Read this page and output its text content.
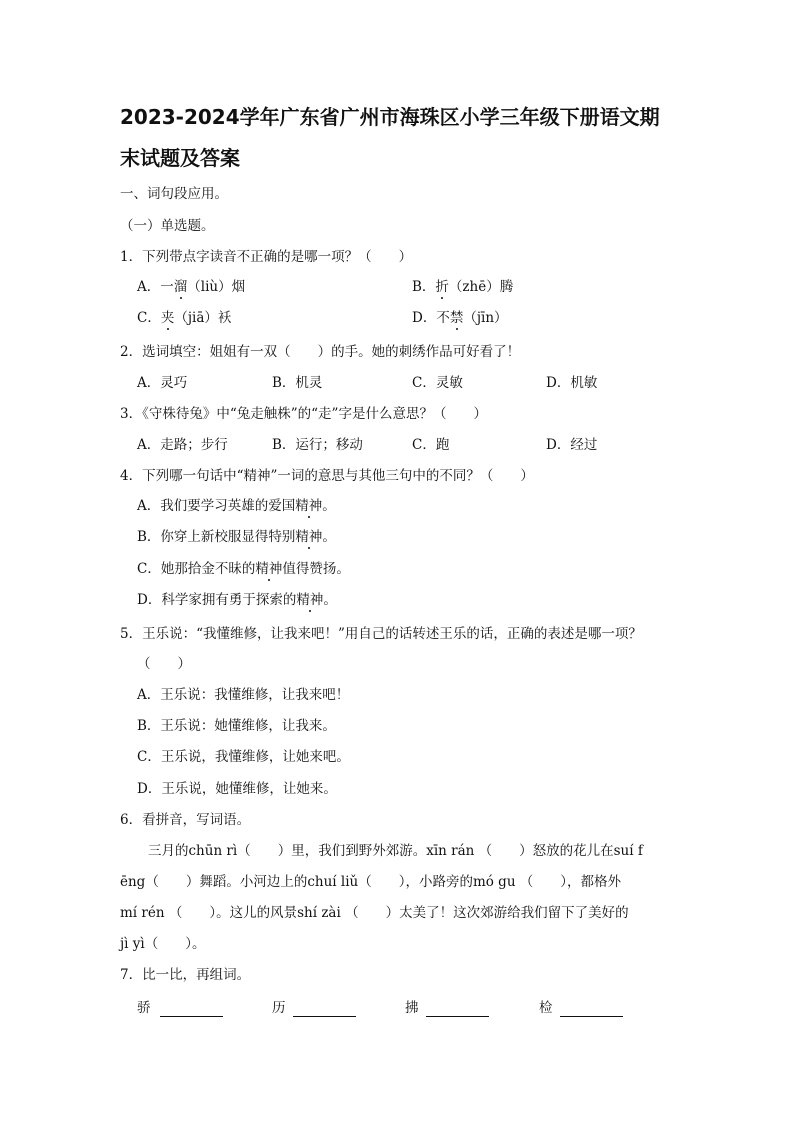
2023-2024学年广东省广州市海珠区小学三年级下册语文期
末试题及答案
一、词句段应用。
（一）单选题。
1．下列带点字读音不正确的是哪一项？（　　）
A．一溜（liù）烟	B．折（zhē）腾
C．夹（jiā）袄	D．不禁（jīn）
2．选词填空：姐姐有一双（　　）的手。她的刺绣作品可好看了！
A．灵巧	B．机灵	C．灵敏	D．机敏
3．《守株待兔》中“兔走触株”的“走”字是什么意思？（　　）
A．走路；步行	B．运行；移动	C．跑	D．经过
4．下列哪一句话中“精神”一词的意思与其他三句中的不同？（　　）
A．我们要学习英雄的爱国精神。
B．你穿上新校服显得特别精神。
C．她那拾金不昧的精神值得赞扬。
D．科学家拥有勇于探索的精神。
5．王乐说：“我懂维修，让我来吧！”用自己的话转述王乐的话，正确的表述是哪一项？
（　　）
A．王乐说：我懂维修，让我来吧！
B．王乐说：她懂维修，让我来。
C．王乐说，我懂维修，让她来吧。
D．王乐说，她懂维修，让她来。
6．看拼音，写词语。
三月的chūn rì（　　）里，我们到野外郊游。xīn rán （　　）怒放的花儿在suí f
ēng（　　）舞蹈。小河边上的chuí liǔ（　　），小路旁的mó gu （　　），都格外
mí rén （　　）。这儿的风景shí zài （　　）太美了！这次郊游给我们留下了美好的
jì yì（　　）。
7．比一比，再组词。
骄	历	拂	检
